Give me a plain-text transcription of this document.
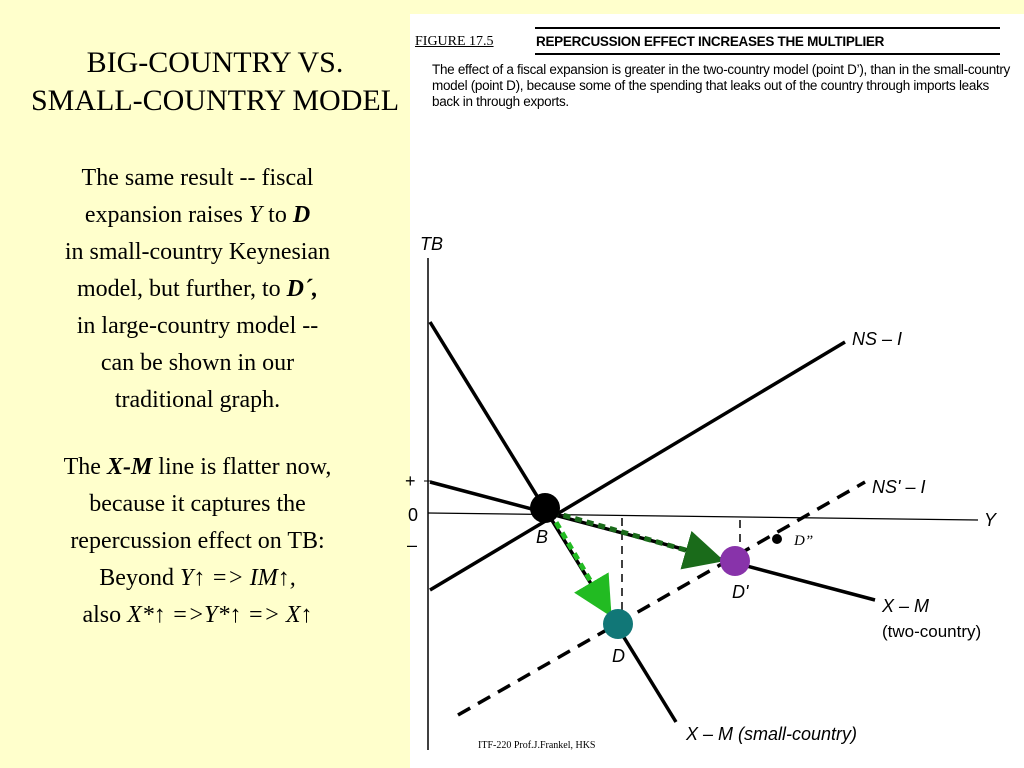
BIG-COUNTRY VS.
SMALL-COUNTRY MODEL
The same result -- fiscal
expansion raises Y to D
in small-country Keynesian
model, but further, to D´,
in large-country model --
can be shown in our
traditional graph.
The X-M line is flatter now,
because it captures the
repercussion effect on TB:
Beyond Y↑ => IM↑,
also X*↑ =>Y*↑ => X↑
FIGURE 17.5	REPERCUSSION EFFECT INCREASES THE MULTIPLIER
The effect of a fiscal expansion is greater in the two-country model (point D’), than in the small-country model (point D), because some of the spending that leaks out of the country through imports leaks back in through exports.
TB
Y
+
0
–
NS – I
NS' – I
X – M
(two-country)
X – M (small-country)
B
D
D'
D”
ITF-220 Prof.J.Frankel, HKS
